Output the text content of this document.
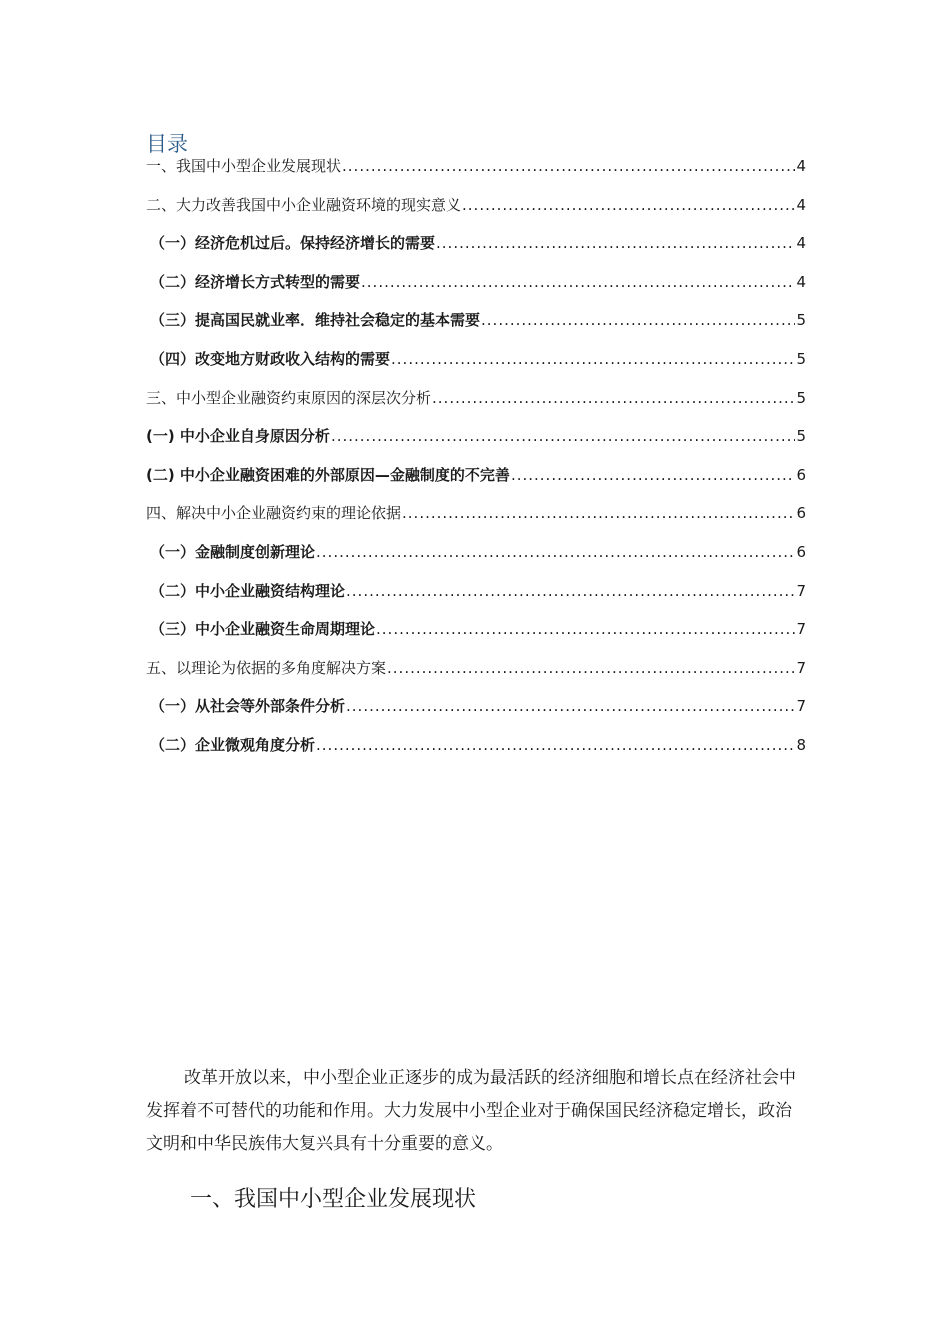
目录
一、我国中小型企业发展现状 .....	4
二、大力改善我国中小企业融资环境的现实意义 .....	4
（一）经济危机过后。保持经济增长的需要 .....	4
（二）经济增长方式转型的需要 .....	4
（三）提高国民就业率．维持社会稳定的基本需要 .....	5
（四）改变地方财政收入结构的需要 .....	5
三、中小型企业融资约束原因的深层次分析 .....	5
(一) 中小企业自身原因分析 .....	5
(二) 中小企业融资困难的外部原因—金融制度的不完善 .....	6
四、解决中小企业融资约束的理论依据 .....	6
（一）金融制度创新理论 .....	6
（二）中小企业融资结构理论 .....	7
（三）中小企业融资生命周期理论 .....	7
五、以理论为依据的多角度解决方案 .....	7
（一）从社会等外部条件分析 .....	7
（二）企业微观角度分析 .....	8

改革开放以来，中小型企业正逐步的成为最活跃的经济细胞和增长点在经济社会中发挥着不可替代的功能和作用。大力发展中小型企业对于确保国民经济稳定增长，政治文明和中华民族伟大复兴具有十分重要的意义。

一、我国中小型企业发展现状
